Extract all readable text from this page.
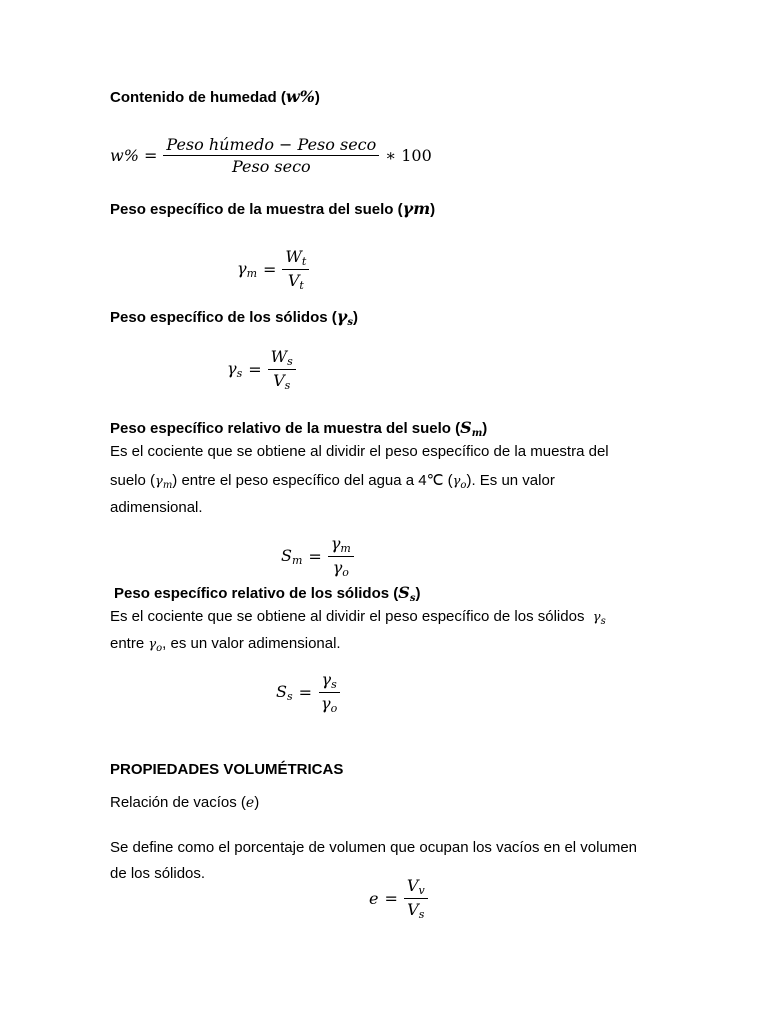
Contenido de humedad (w%)
$w\% = \frac{\text{Peso húmedo − Peso seco}}{\text{Peso seco}}$ ∗ 100
Peso específico de la muestra del suelo (γm)
$\gamma_m = \frac{W_t}{V_t}$
Peso específico de los sólidos $(\gamma_s)$
$\gamma_s = \frac{W_s}{V_s}$
Peso específico relativo de la muestra del suelo $(S_m)$
Es el cociente que se obtiene al dividir el peso específico de la muestra del
suelo $(\gamma_m)$ entre el peso específico del agua a 4℃ $(\gamma_o)$. Es un valor
adimensional.
$S_m = \frac{\gamma_m}{\gamma_o}$
Peso específico relativo de los sólidos $(S_s)$
Es el cociente que se obtiene al dividir el peso específico de los sólidos $\gamma_s$
entre $\gamma_o$, es un valor adimensional.
$S_s = \frac{\gamma_s}{\gamma_o}$
PROPIEDADES VOLUMÉTRICAS
Relación de vacíos (e)
Se define como el porcentaje de volumen que ocupan los vacíos en el volumen
de los sólidos.
$e = \frac{V_v}{V_s}$
